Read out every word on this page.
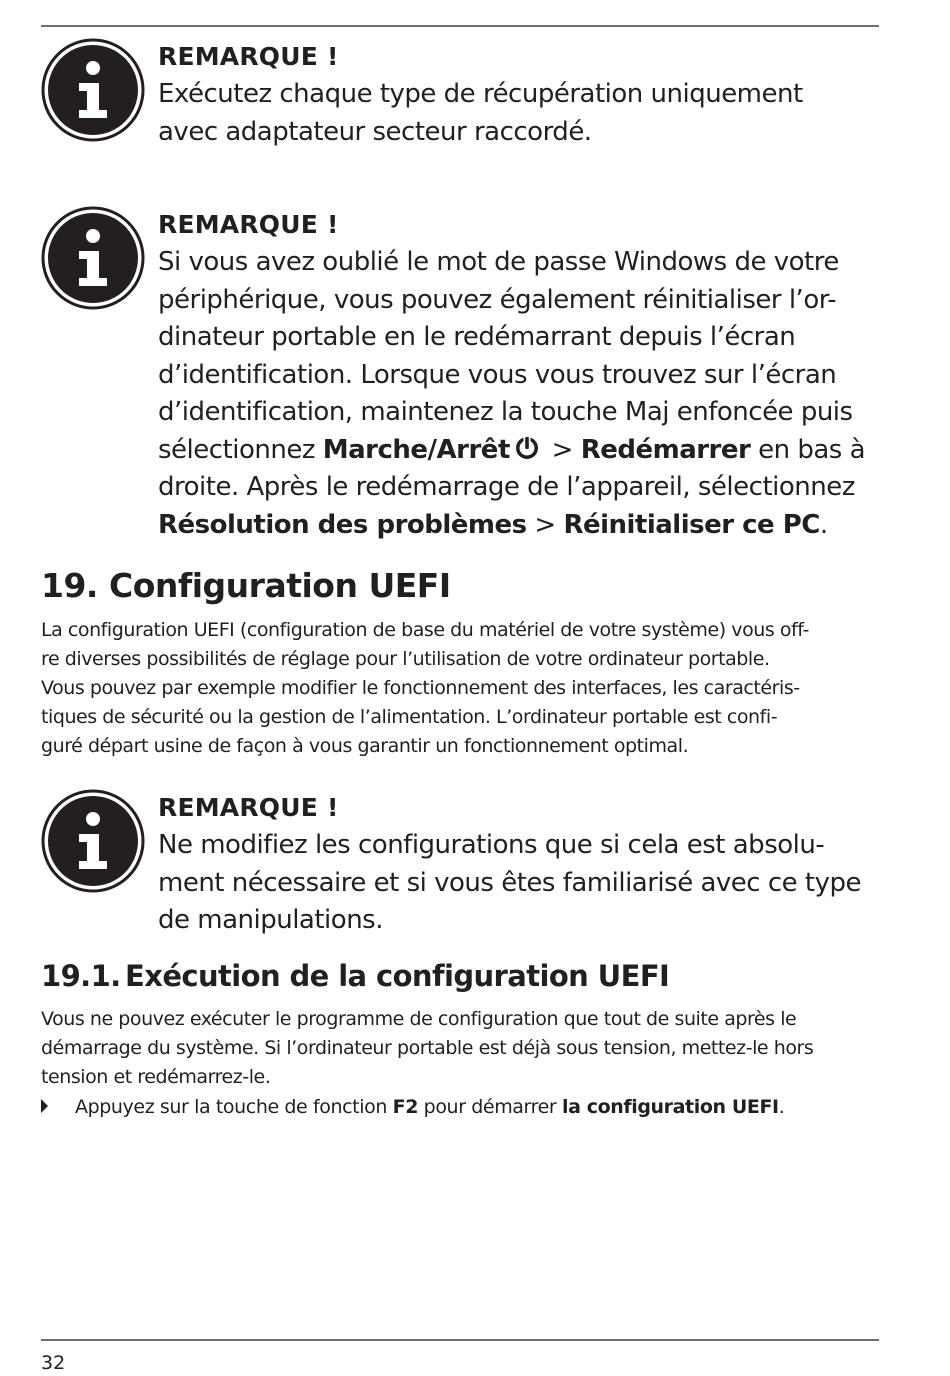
REMARQUE !
Exécutez chaque type de récupération uniquement
avec adaptateur secteur raccordé.
REMARQUE !
Si vous avez oublié le mot de passe Windows de votre
périphérique, vous pouvez également réinitialiser l’or-
dinateur portable en le redémarrant depuis l’écran
d’identification. Lorsque vous vous trouvez sur l’écran
d’identification, maintenez la touche Maj enfoncée puis
sélectionnez Marche/Arrêt > Redémarrer en bas à
droite. Après le redémarrage de l’appareil, sélectionnez
Résolution des problèmes > Réinitialiser ce PC.
19. Configuration UEFI

La configuration UEFI (configuration de base du matériel de votre système) vous off-

re diverses possibilités de réglage pour l’utilisation de votre ordinateur portable.

Vous pouvez par exemple modifier le fonctionnement des interfaces, les caractéris-

tiques de sécurité ou la gestion de l’alimentation. L’ordinateur portable est confi-

guré départ usine de façon à vous garantir un fonctionnement optimal.

REMARQUE !
Ne modifiez les configurations que si cela est absolu-
ment nécessaire et si vous êtes familiarisé avec ce type
de manipulations.
19.1. Exécution de la configuration UEFI

Vous ne pouvez exécuter le programme de configuration que tout de suite après le

démarrage du système. Si l’ordinateur portable est déjà sous tension, mettez-le hors

tension et redémarrez-le.

Appuyez sur la touche de fonction F2 pour démarrer la configuration UEFI.
32
